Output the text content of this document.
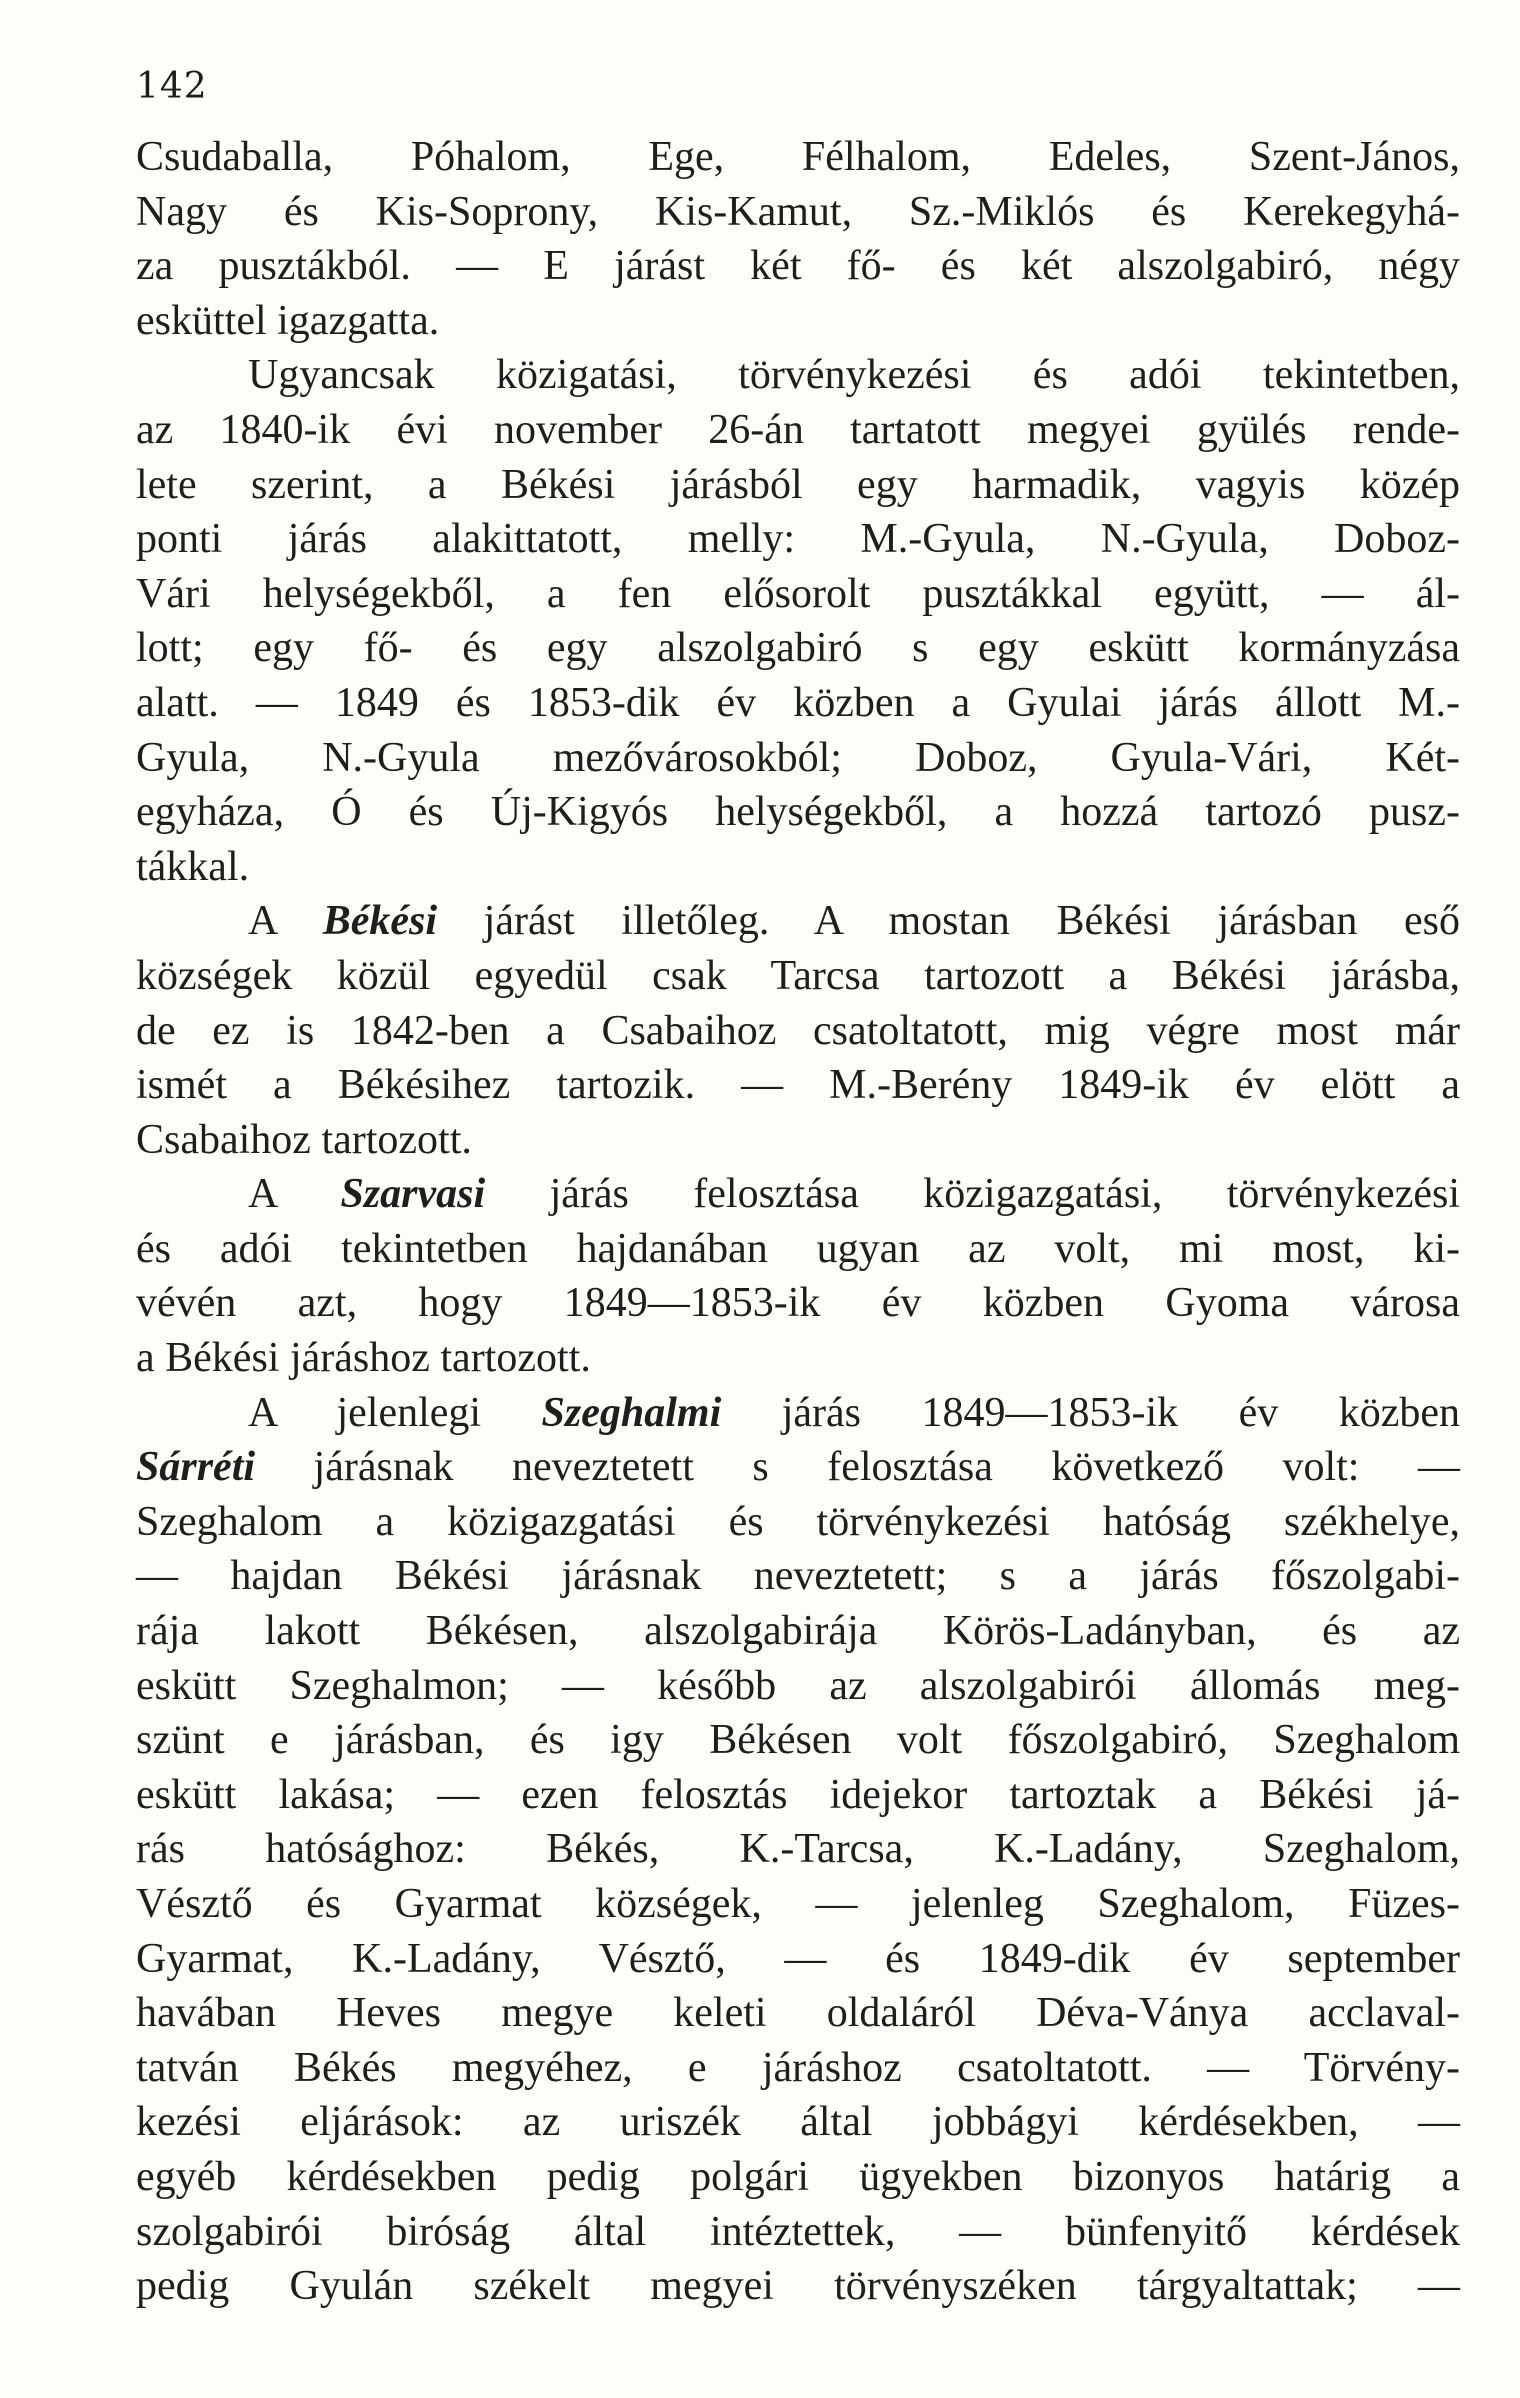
142
Csudaballa, Póhalom, Ege, Félhalom, Edeles, Szent-János,
Nagy és Kis-Soprony, Kis-Kamut, Sz.-Miklós és Kerekegyhá-
za pusztákból. — E járást két fő- és két alszolgabiró, négy
esküttel igazgatta.
Ugyancsak közigatási, törvénykezési és adói tekintetben,
az 1840-ik évi november 26-án tartatott megyei gyülés rende-
lete szerint, a Békési járásból egy harmadik, vagyis közép
ponti járás alakittatott, melly: M.-Gyula, N.-Gyula, Doboz-
Vári helységekből, a fen elősorolt pusztákkal együtt, — ál-
lott; egy fő- és egy alszolgabiró s egy eskütt kormányzása
alatt. — 1849 és 1853-dik év közben a Gyulai járás állott M.-
Gyula, N.-Gyula mezővárosokból; Doboz, Gyula-Vári, Két-
egyháza, Ó és Új-Kigyós helységekből, a hozzá tartozó pusz-
tákkal.
A Békési járást illetőleg. A mostan Békési járásban eső
községek közül egyedül csak Tarcsa tartozott a Békési járásba,
de ez is 1842-ben a Csabaihoz csatoltatott, mig végre most már
ismét a Békésihez tartozik. — M.-Berény 1849-ik év elött a
Csabaihoz tartozott.
A Szarvasi járás felosztása közigazgatási, törvénykezési
és adói tekintetben hajdanában ugyan az volt, mi most, ki-
vévén azt, hogy 1849—1853-ik év közben Gyoma városa
a Békési járáshoz tartozott.
A jelenlegi Szeghalmi járás 1849—1853-ik év közben
Sárréti járásnak neveztetett s felosztása következő volt: —
Szeghalom a közigazgatási és törvénykezési hatóság székhelye,
— hajdan Békési járásnak neveztetett; s a járás főszolgabi-
rája lakott Békésen, alszolgabirája Körös-Ladányban, és az
eskütt Szeghalmon; — később az alszolgabirói állomás meg-
szünt e járásban, és igy Békésen volt főszolgabiró, Szeghalom
eskütt lakása; — ezen felosztás idejekor tartoztak a Békési já-
rás hatósághoz: Békés, K.-Tarcsa, K.-Ladány, Szeghalom,
Vésztő és Gyarmat községek, — jelenleg Szeghalom, Füzes-
Gyarmat, K.-Ladány, Vésztő, — és 1849-dik év september
havában Heves megye keleti oldaláról Déva-Ványa acclaval-
tatván Békés megyéhez, e járáshoz csatoltatott. — Törvény-
kezési eljárások: az uriszék által jobbágyi kérdésekben, —
egyéb kérdésekben pedig polgári ügyekben bizonyos határig a
szolgabirói biróság által intéztettek, — bünfenyitő kérdések
pedig Gyulán székelt megyei törvényszéken tárgyaltattak; —
